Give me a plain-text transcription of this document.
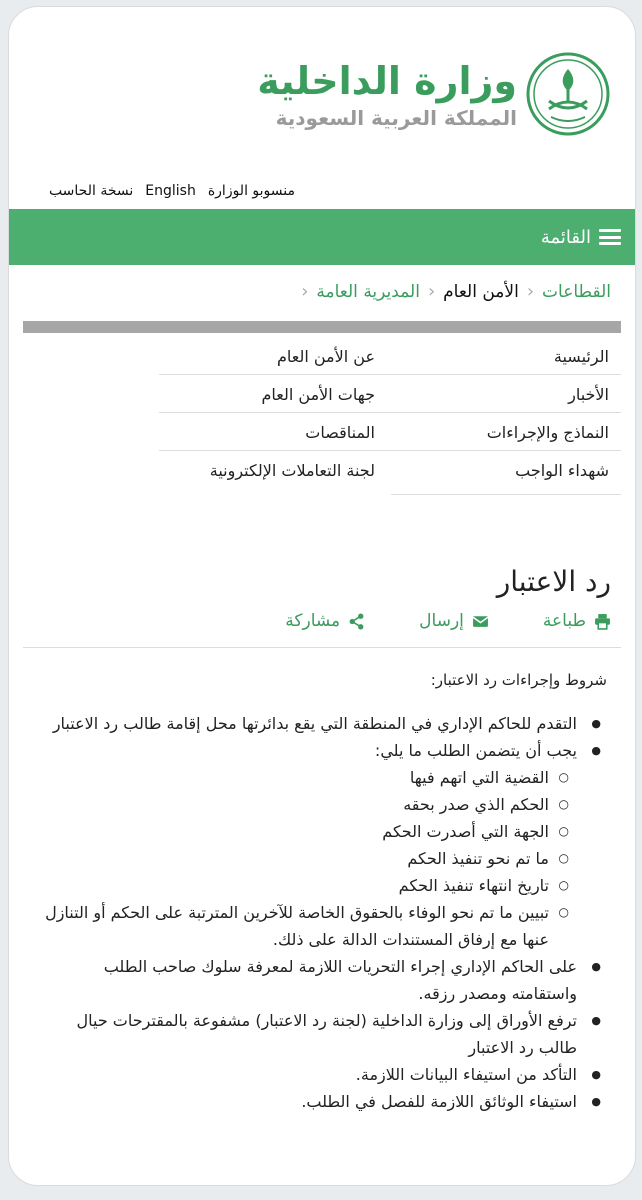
وزارة الداخلية
المملكة العربية السعودية
منسوبو الوزارة
English
نسخة الحاسب
القائمة
القطاعات
‹
الأمن العام
‹
المديرية العامة
‹
الرئيسية
عن الأمن العام
الأخبار
جهات الأمن العام
النماذج والإجراءات
المناقصات
شهداء الواجب
لجنة التعاملات الإلكترونية
رد الاعتبار
طباعة
إرسال
مشاركة
شروط وإجراءات رد الاعتبار:
● التقدم للحاكم الإداري في المنطقة التي يقع بدائرتها محل إقامة طالب رد الاعتبار
● يجب أن يتضمن الطلب ما يلي:
○ القضية التي اتهم فيها
○ الحكم الذي صدر بحقه
○ الجهة التي أصدرت الحكم
○ ما تم نحو تنفيذ الحكم
○ تاريخ انتهاء تنفيذ الحكم
○ تبيين ما تم نحو الوفاء بالحقوق الخاصة للآخرين المترتبة على الحكم أو التنازل عنها مع إرفاق المستندات الدالة على ذلك.
● على الحاكم الإداري إجراء التحريات اللازمة لمعرفة سلوك صاحب الطلب واستقامته ومصدر رزقه.
● ترفع الأوراق إلى وزارة الداخلية (لجنة رد الاعتبار) مشفوعة بالمقترحات حيال طالب رد الاعتبار
● التأكد من استيفاء البيانات اللازمة.
● استيفاء الوثائق اللازمة للفصل في الطلب.
